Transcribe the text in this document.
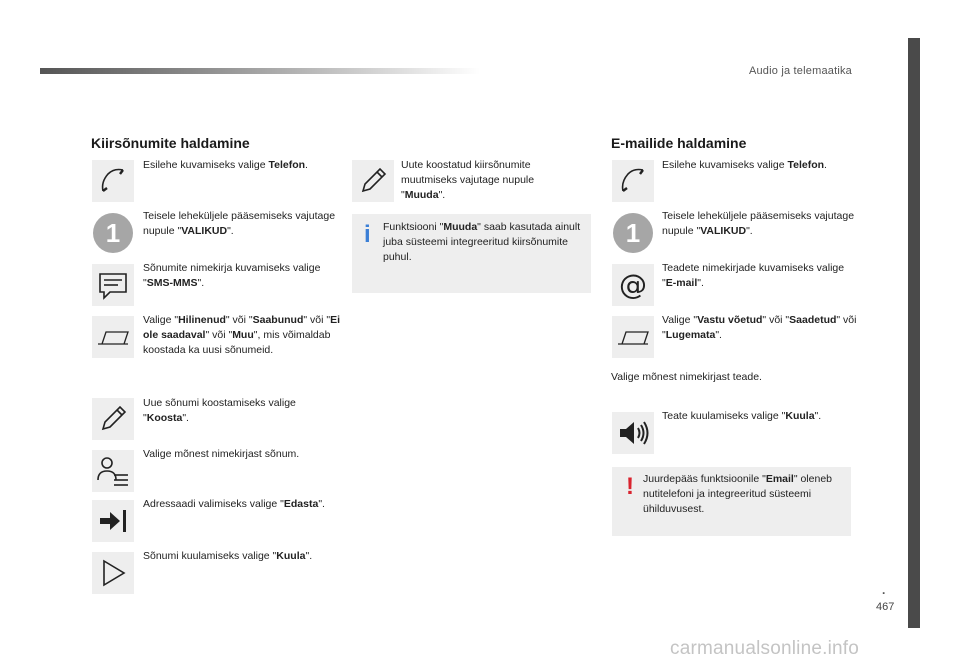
Audio ja telemaatika
.
467
carmanualsonline.info
Kiirsõnumite haldamine
Esilehe kuvamiseks valige Telefon.
1
Teisele leheküljele pääsemiseks vajutage nupule "VALIKUD".
Sõnumite nimekirja kuvamiseks valige "SMS-MMS".
Valige "Hilinenud" või "Saabunud" või "Ei ole saadaval" või "Muu", mis võimaldab koostada ka uusi sõnumeid.
Uue sõnumi koostamiseks valige "Koosta".
Valige mõnest nimekirjast sõnum.
Adressaadi valimiseks valige "Edasta".
Sõnumi kuulamiseks valige "Kuula".
Uute koostatud kiirsõnumite muutmiseks vajutage nupule "Muuda".
i Funktsiooni "Muuda" saab kasutada ainult juba süsteemi integreeritud kiirsõnumite puhul.
E-mailide haldamine
Esilehe kuvamiseks valige Telefon.
1
Teisele leheküljele pääsemiseks vajutage nupule "VALIKUD".
@ Teadete nimekirjade kuvamiseks valige "E-mail".
Valige "Vastu võetud" või "Saadetud" või "Lugemata".
Valige mõnest nimekirjast teade.
Teate kuulamiseks valige "Kuula".
! Juurdepääs funktsioonile "Email" oleneb nutitelefoni ja integreeritud süsteemi ühilduvusest.
